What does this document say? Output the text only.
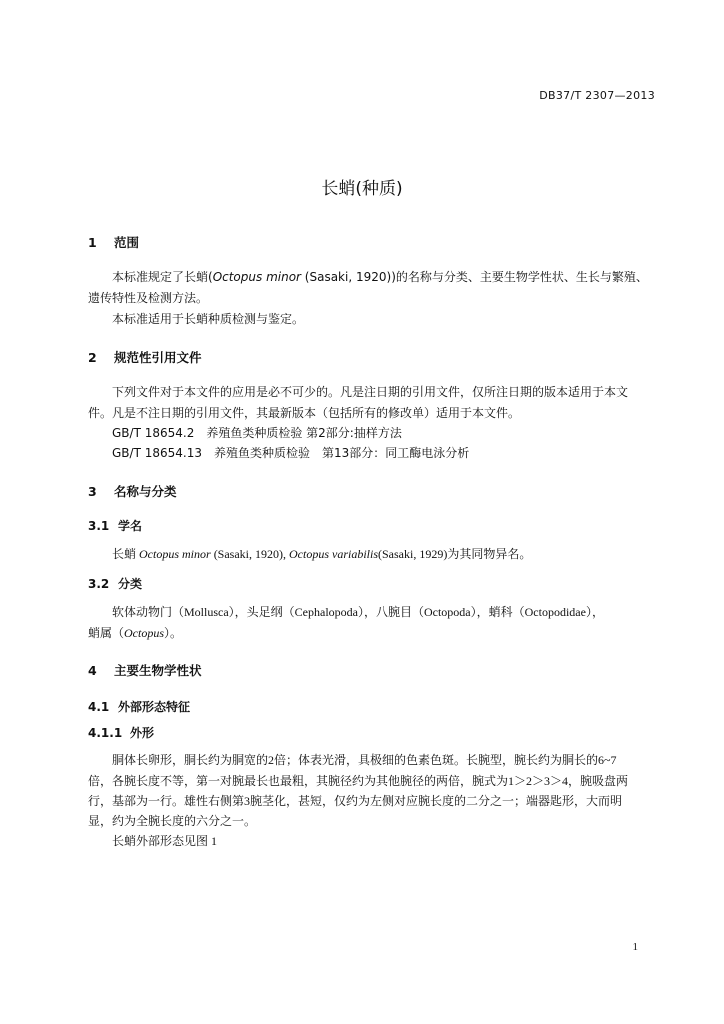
DB37/T 2307—2013
长蛸(种质)
1 范围
本标准规定了长蛸(Octopus minor (Sasaki, 1920))的名称与分类、主要生物学性状、生长与繁殖、
遗传特性及检测方法。
本标准适用于长蛸种质检测与鉴定。
2 规范性引用文件
下列文件对于本文件的应用是必不可少的。凡是注日期的引用文件，仅所注日期的版本适用于本文
件。凡是不注日期的引用文件，其最新版本（包括所有的修改单）适用于本文件。
GB/T 18654.2　养殖鱼类种质检验 第2部分:抽样方法
GB/T 18654.13　养殖鱼类种质检验　第13部分：同工酶电泳分析
3 名称与分类
3.1 学名
长蛸 Octopus minor (Sasaki, 1920), Octopus variabilis(Sasaki, 1929)为其同物异名。
3.2 分类
软体动物门（Mollusca），头足纲（Cephalopoda），八腕目（Octopoda），蛸科（Octopodidae），
蛸属（Octopus）。
4 主要生物学性状
4.1 外部形态特征
4.1.1 外形
胴体长卵形，胴长约为胴宽的2倍；体表光滑，具极细的色素色斑。长腕型，腕长约为胴长的6~7
倍，各腕长度不等，第一对腕最长也最粗，其腕径约为其他腕径的两倍，腕式为1＞2＞3＞4，腕吸盘两
行，基部为一行。雄性右侧第3腕茎化，甚短，仅约为左侧对应腕长度的二分之一；端器匙形，大而明
显，约为全腕长度的六分之一。
长蛸外部形态见图 1
1
